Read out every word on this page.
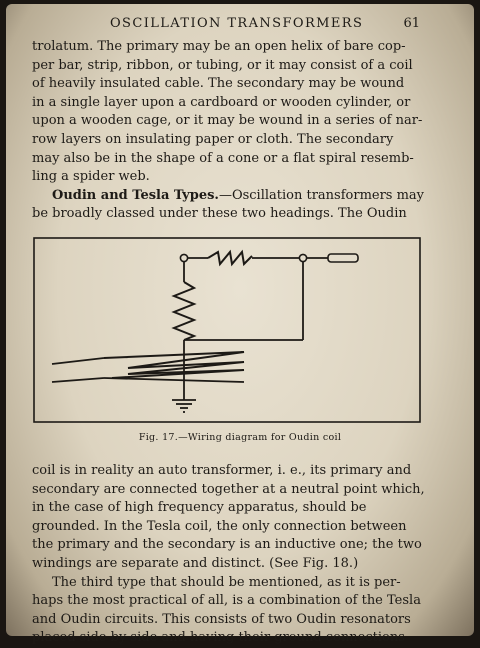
OSCILLATION TRANSFORMERS	61

trolatum. The primary may be an open helix of bare cop-

per bar, strip, ribbon, or tubing, or it may consist of a coil

of heavily insulated cable. The secondary may be wound

in a single layer upon a cardboard or wooden cylinder, or

upon a wooden cage, or it may be wound in a series of nar-

row layers on insulating paper or cloth. The secondary

may also be in the shape of a cone or a flat spiral resemb-

ling a spider web.

Oudin and Tesla Types.—Oscillation transformers may

be broadly classed under these two headings. The Oudin

Fig. 17.—Wiring diagram for Oudin coil

coil is in reality an auto transformer, i. e., its primary and

secondary are connected together at a neutral point which,

in the case of high frequency apparatus, should be

grounded. In the Tesla coil, the only connection between

the primary and the secondary is an inductive one; the two

windings are separate and distinct. (See Fig. 18.)

The third type that should be mentioned, as it is per-

haps the most practical of all, is a combination of the Tesla

and Oudin circuits. This consists of two Oudin resonators

placed side by side and having their ground connections
